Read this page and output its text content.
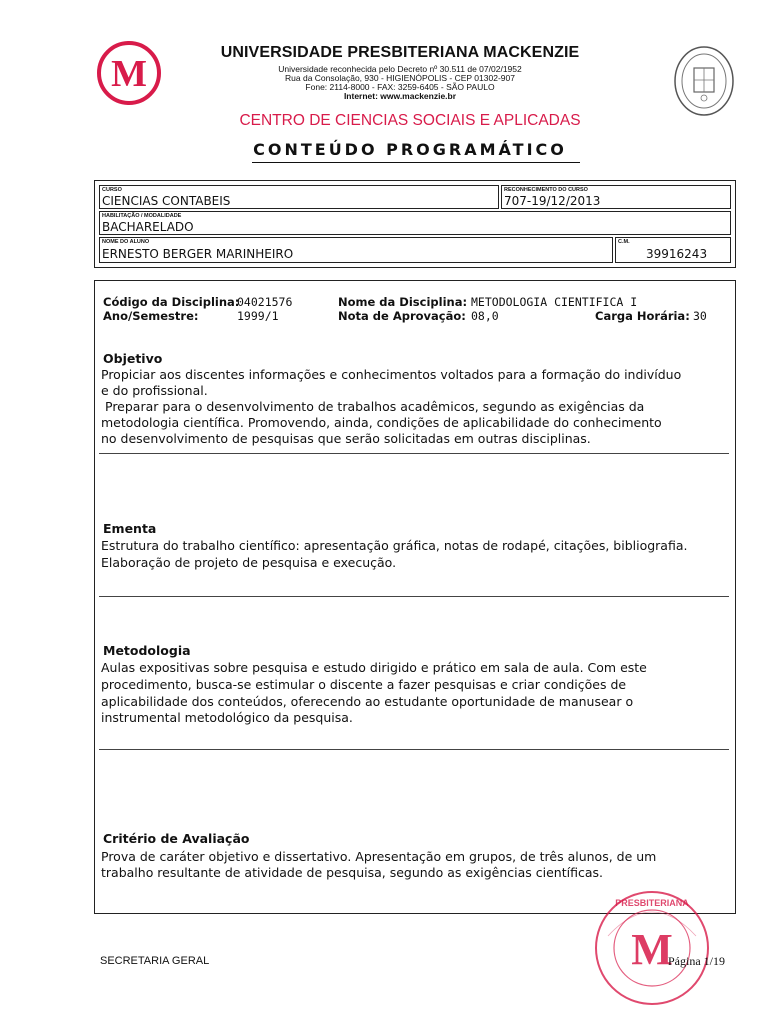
M
UNIVERSIDADE PRESBITERIANA MACKENZIE
Universidade reconhecida pelo Decreto nº 30.511 de 07/02/1952
Rua da Consolação, 930 - HIGIENÓPOLIS - CEP 01302-907
Fone: 2114-8000 - FAX: 3259-6405 - SÃO PAULO
Internet: www.mackenzie.br
CENTRO DE CIENCIAS SOCIAIS E APLICADAS
CONTEÚDO PROGRAMÁTICO
CURSO
CIENCIAS CONTABEIS
RECONHECIMENTO DO CURSO
707-19/12/2013
HABILITAÇÃO / MODALIDADE
BACHARELADO
NOME DO ALUNO
ERNESTO BERGER MARINHEIRO
C.M.
39916243
Código da Disciplina:
04021576	Nome da Disciplina: METODOLOGIA CIENTIFICA I
Ano/Semestre:	1999/1	Nota de Aprovação: 08,0	Carga Horária: 30
Objetivo
Propiciar aos discentes informações e conhecimentos voltados para a formação do indivíduo
e do profissional.
Preparar para o desenvolvimento de trabalhos acadêmicos, segundo as exigências da
metodologia científica. Promovendo, ainda, condições de aplicabilidade do conhecimento
no desenvolvimento de pesquisas que serão solicitadas em outras disciplinas.
Ementa
Estrutura do trabalho científico: apresentação gráfica, notas de rodapé, citações, bibliografia.
Elaboração de projeto de pesquisa e execução.
Metodologia
Aulas expositivas sobre pesquisa e estudo dirigido e prático em sala de aula. Com este
procedimento, busca-se estimular o discente a fazer pesquisas e criar condições de
aplicabilidade dos conteúdos, oferecendo ao estudante oportunidade de manusear o
instrumental metodológico da pesquisa.
Critério de Avaliação
Prova de caráter objetivo e dissertativo. Apresentação em grupos, de três alunos, de um
trabalho resultante de atividade de pesquisa, segundo as exigências científicas.
SECRETARIA GERAL	M
PRESBITERIANA
Página 1/19
